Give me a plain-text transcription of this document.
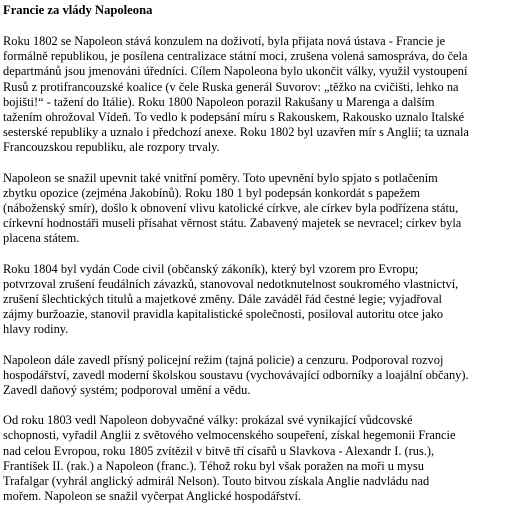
Francie za vlády Napoleona
Roku 1802 se Napoleon stává konzulem na doživotí, byla přijata nová ústava - Francie je
formálně republikou, je posílena centralizace státní moci, zrušena volená samospráva, do čela
departmánů jsou jmenováni úředníci. Cílem Napoleona bylo ukončit války, využil vystoupení
Rusů z protifrancouzské koalice (v čele Ruska generál Suvorov: „těžko na cvičišti, lehko na
bojišti!“ - tažení do Itálie). Roku 1800 Napoleon porazil Rakušany u Marenga a dalším
tažením ohrožoval Vídeň. To vedlo k podepsání míru s Rakouskem, Rakousko uznalo Italské
sesterské republiky a uznalo i předchozí anexe. Roku 1802 byl uzavřen mír s Anglií; ta uznala
Francouzskou republiku, ale rozpory trvaly.
Napoleon se snažil upevnit také vnitřní poměry. Toto upevnění bylo spjato s potlačením
zbytku opozice (zejména Jakobínů). Roku 180 1 byl podepsán konkordát s papežem
(náboženský smír), došlo k obnovení vlivu katolické církve, ale církev byla podřízena státu,
církevní hodnostáři museli přísahat věrnost státu. Zabavený majetek se nevracel; církev byla
placena státem.
Roku 1804 byl vydán Code civil (občanský zákoník), který byl vzorem pro Evropu;
potvrzoval zrušení feudálních závazků, stanovoval nedotknutelnost soukromého vlastnictví,
zrušení šlechtických titulů a majetkové změny. Dále zaváděl řád čestné legie; vyjadřoval
zájmy buržoazie, stanovil pravidla kapitalistické společnosti, posiloval autoritu otce jako
hlavy rodiny.
Napoleon dále zavedl přísný policejní režim (tajná policie) a cenzuru. Podporoval rozvoj
hospodářství, zavedl moderní školskou soustavu (vychovávající odborníky a loajální občany).
Zavedl daňový systém; podporoval umění a vědu.
Od roku 1803 vedl Napoleon dobyvačné války: prokázal své vynikající vůdcovské
schopnosti, vyřadil Anglii z světového velmocenského soupeření, získal hegemonii Francie
nad celou Evropou, roku 1805 zvítězil v bitvě tří císařů u Slavkova - Alexandr I. (rus.),
František II. (rak.) a Napoleon (franc.). Téhož roku byl však poražen na moři u mysu
Trafalgar (vyhrál anglický admirál Nelson). Touto bitvou získala Anglie nadvládu nad
mořem. Napoleon se snažil vyčerpat Anglické hospodářství.
